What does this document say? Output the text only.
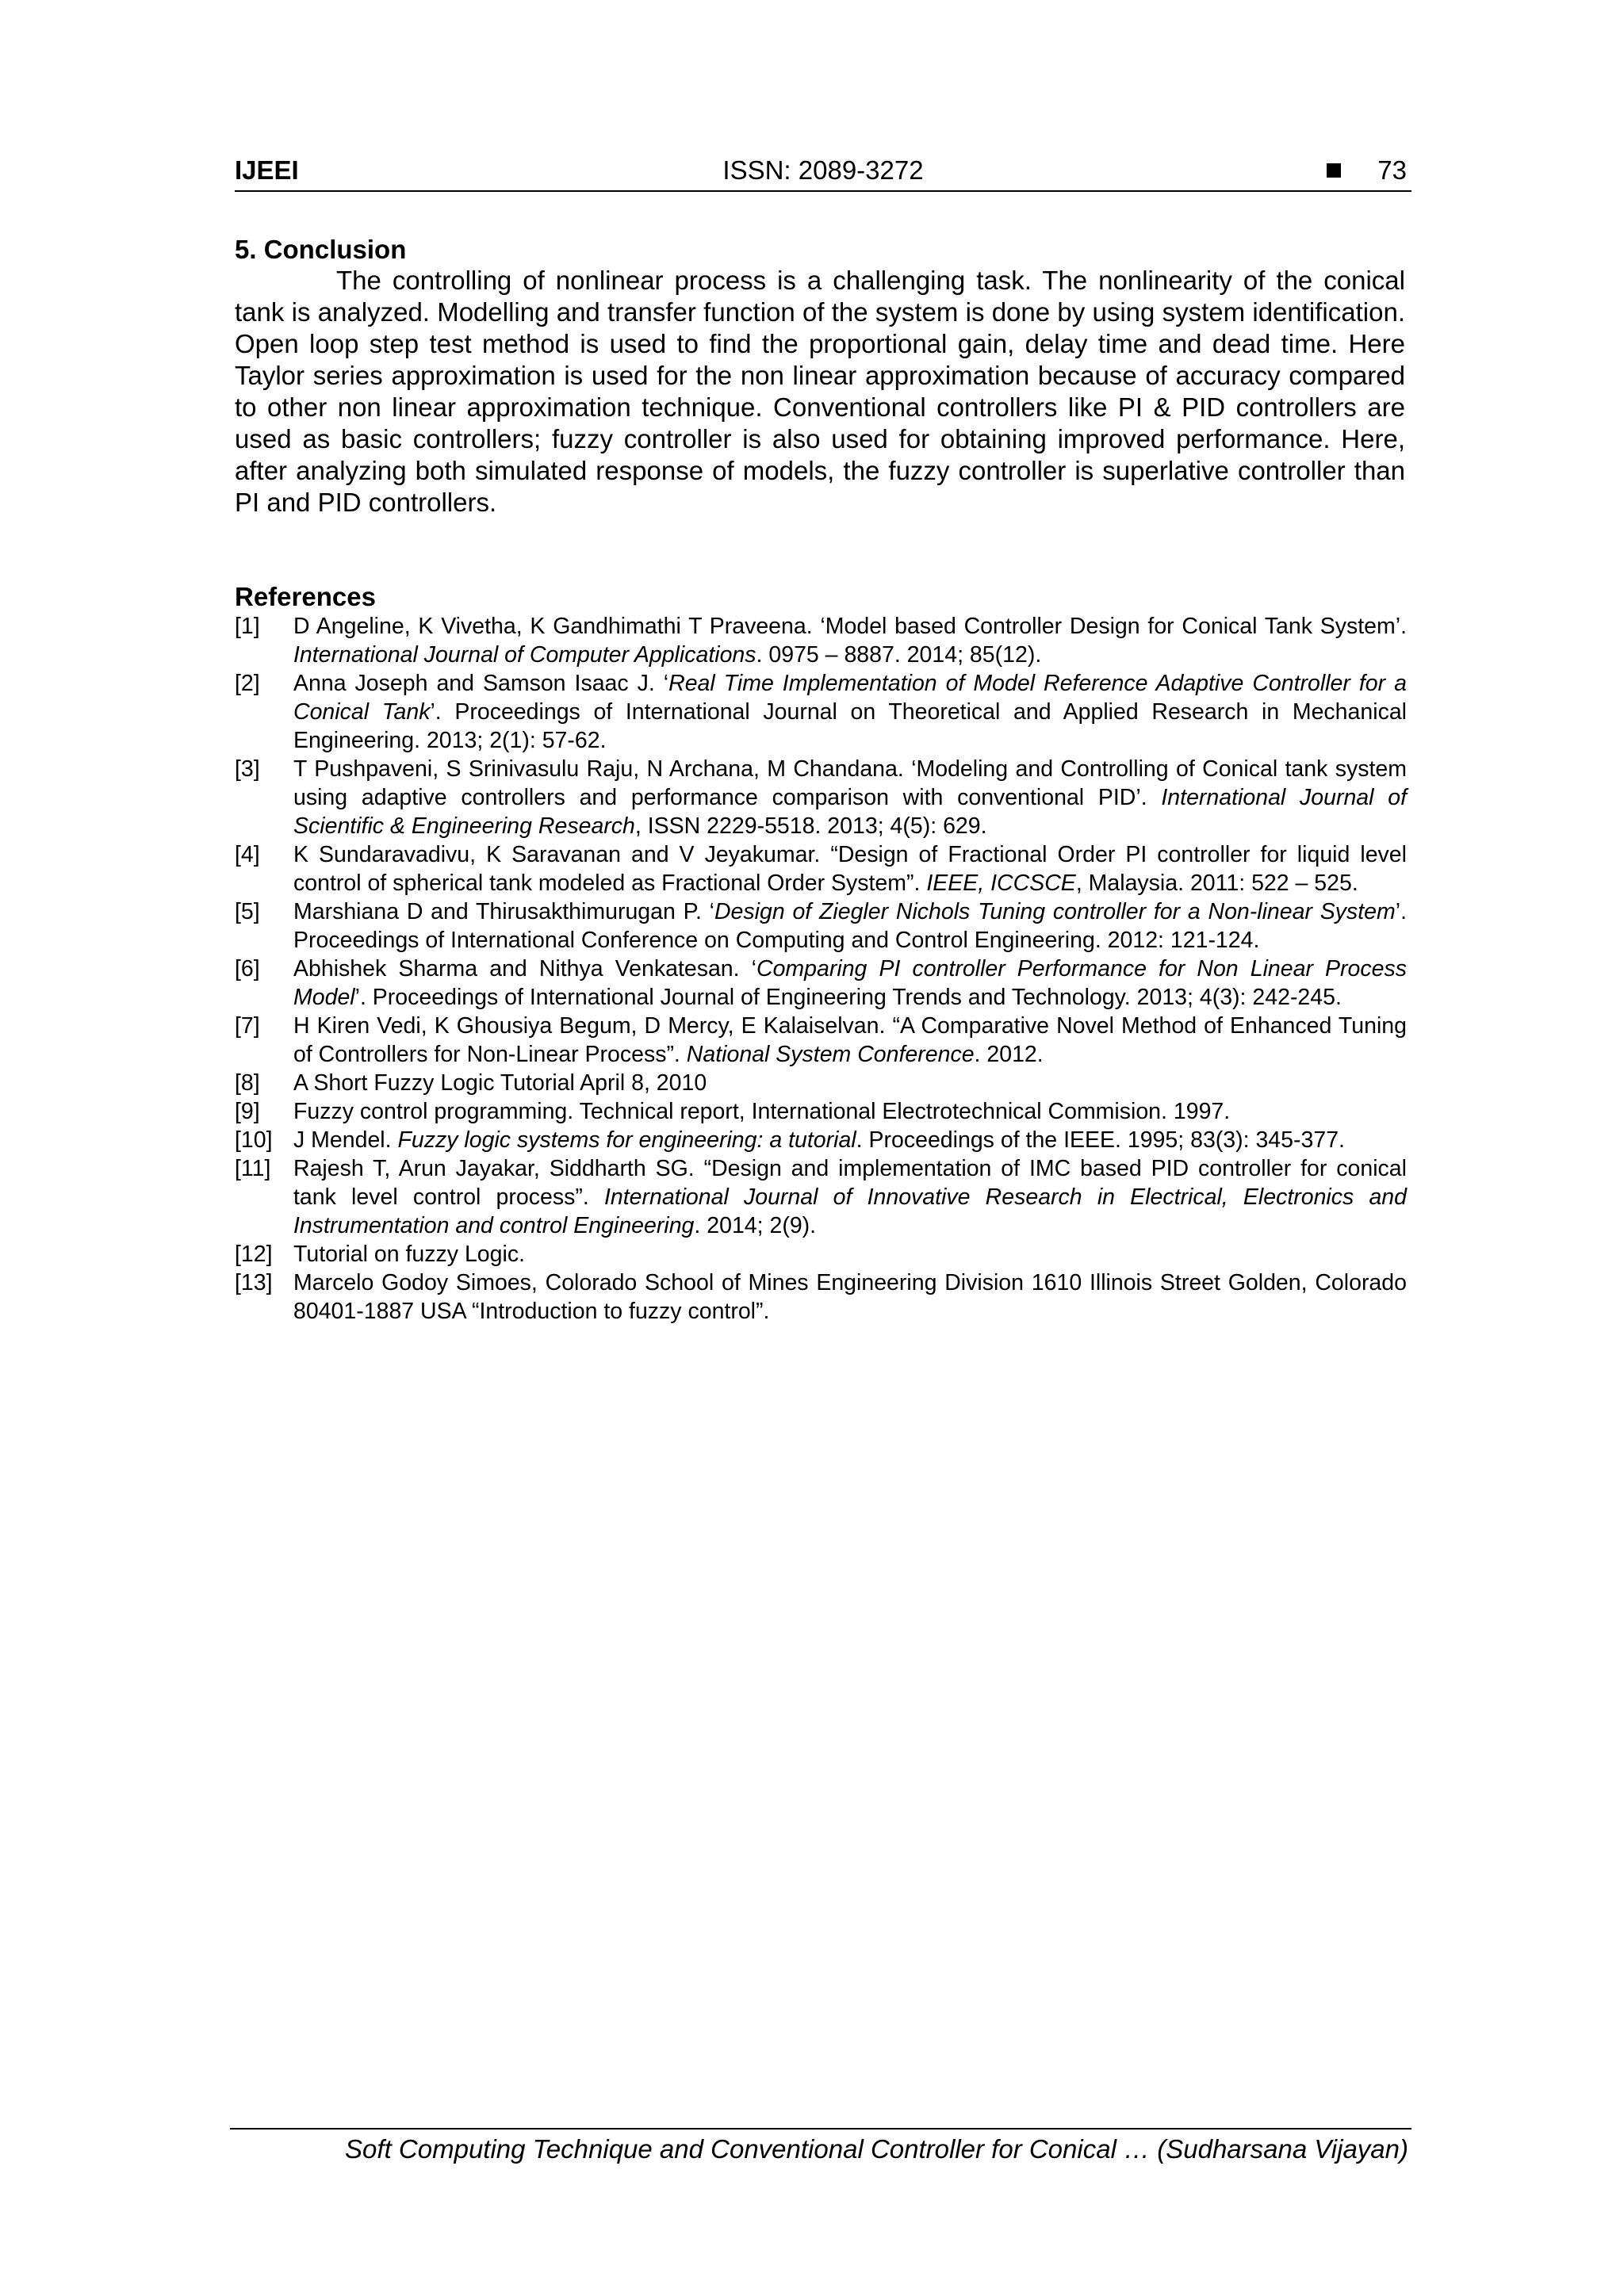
IJEEI	ISSN: 2089-3272	73
5. Conclusion

The controlling of nonlinear process is a challenging task. The nonlinearity of the conical tank is analyzed. Modelling and transfer function of the system is done by using system identification. Open loop step test method is used to find the proportional gain, delay time and dead time. Here Taylor series approximation is used for the non linear approximation because of accuracy compared to other non linear approximation technique. Conventional controllers like PI & PID controllers are used as basic controllers; fuzzy controller is also used for obtaining improved performance. Here, after analyzing both simulated response of models, the fuzzy controller is superlative controller than PI and PID controllers.

References
[1]	D Angeline, K Vivetha, K Gandhimathi T Praveena. ‘Model based Controller Design for Conical Tank System’. International Journal of Computer Applications. 0975 – 8887. 2014; 85(12).
[2]	Anna Joseph and Samson Isaac J. ‘Real Time Implementation of Model Reference Adaptive Controller for a Conical Tank’. Proceedings of International Journal on Theoretical and Applied Research in Mechanical Engineering. 2013; 2(1): 57-62.
[3]	T Pushpaveni, S Srinivasulu Raju, N Archana, M Chandana. ‘Modeling and Controlling of Conical tank system using adaptive controllers and performance comparison with conventional PID’. International Journal of Scientific & Engineering Research, ISSN 2229-5518. 2013; 4(5): 629.
[4]	K Sundaravadivu, K Saravanan and V Jeyakumar. “Design of Fractional Order PI controller for liquid level control of spherical tank modeled as Fractional Order System”. IEEE, ICCSCE, Malaysia. 2011: 522 – 525.
[5]	Marshiana D and Thirusakthimurugan P. ‘Design of Ziegler Nichols Tuning controller for a Non-linear System’. Proceedings of International Conference on Computing and Control Engineering. 2012: 121-124.
[6]	Abhishek Sharma and Nithya Venkatesan. ‘Comparing PI controller Performance for Non Linear Process Model’. Proceedings of International Journal of Engineering Trends and Technology. 2013; 4(3): 242-245.
[7]	H Kiren Vedi, K Ghousiya Begum, D Mercy, E Kalaiselvan. “A Comparative Novel Method of Enhanced Tuning of Controllers for Non-Linear Process”. National System Conference. 2012.
[8]	A Short Fuzzy Logic Tutorial April 8, 2010
[9]	Fuzzy control programming. Technical report, International Electrotechnical Commision. 1997.
[10] J Mendel. Fuzzy logic systems for engineering: a tutorial. Proceedings of the IEEE. 1995; 83(3): 345-377.
[11]	Rajesh T, Arun Jayakar, Siddharth SG. “Design and implementation of IMC based PID controller for conical tank level control process”. International Journal of Innovative Research in Electrical, Electronics and Instrumentation and control Engineering. 2014; 2(9).
[12] Tutorial on fuzzy Logic.
[13] Marcelo Godoy Simoes, Colorado School of Mines Engineering Division 1610 Illinois Street Golden, Colorado 80401-1887 USA “Introduction to fuzzy control”.
Soft Computing Technique and Conventional Controller for Conical … (Sudharsana Vijayan)
